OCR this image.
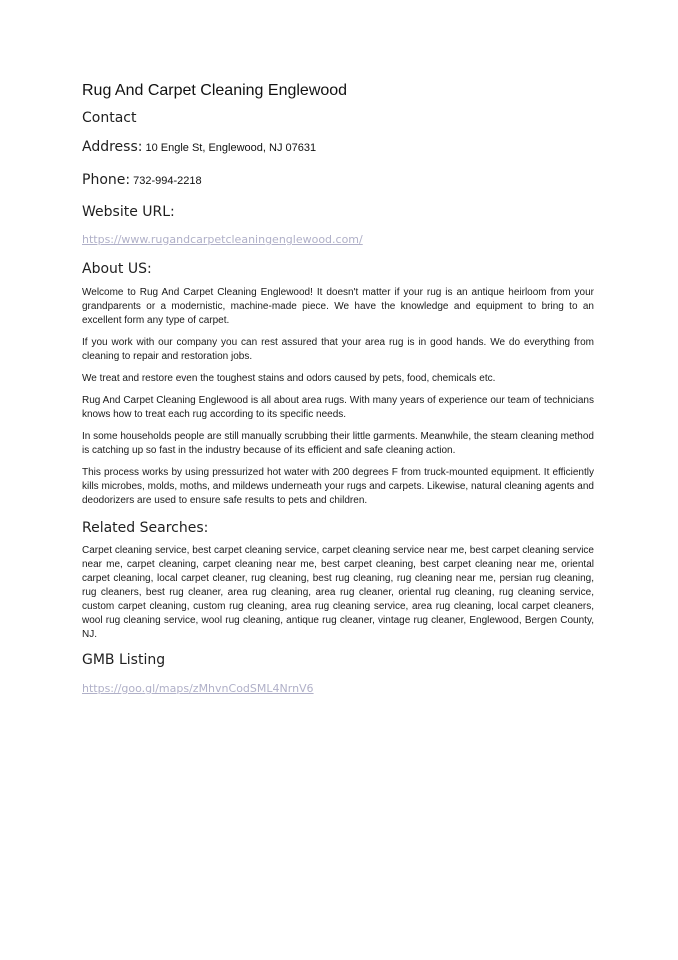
Rug And Carpet Cleaning Englewood
Contact
Address: 10 Engle St, Englewood, NJ 07631
Phone: 732-994-2218
Website URL:
https://www.rugandcarpetcleaningenglewood.com/
About US:

Welcome to Rug And Carpet Cleaning Englewood! It doesn't matter if your rug is an antique heirloom from your grandparents or a modernistic, machine-made piece. We have the knowledge and equipment to bring to an excellent form any type of carpet.

If you work with our company you can rest assured that your area rug is in good hands. We do everything from cleaning to repair and restoration jobs.

We treat and restore even the toughest stains and odors caused by pets, food, chemicals etc.

Rug And Carpet Cleaning Englewood is all about area rugs. With many years of experience our team of technicians knows how to treat each rug according to its specific needs.

In some households people are still manually scrubbing their little garments. Meanwhile, the steam cleaning method is catching up so fast in the industry because of its efficient and safe cleaning action.

This process works by using pressurized hot water with 200 degrees F from truck-mounted equipment. It efficiently kills microbes, molds, moths, and mildews underneath your rugs and carpets. Likewise, natural cleaning agents and deodorizers are used to ensure safe results to pets and children.

Related Searches:

Carpet cleaning service, best carpet cleaning service, carpet cleaning service near me, best carpet cleaning service near me, carpet cleaning, carpet cleaning near me, best carpet cleaning, best carpet cleaning near me, oriental carpet cleaning, local carpet cleaner, rug cleaning, best rug cleaning, rug cleaning near me, persian rug cleaning, rug cleaners, best rug cleaner, area rug cleaning, area rug cleaner, oriental rug cleaning, rug cleaning service, custom carpet cleaning, custom rug cleaning, area rug cleaning service, area rug cleaning, local carpet cleaners, wool rug cleaning service, wool rug cleaning, antique rug cleaner, vintage rug cleaner, Englewood, Bergen County, NJ.

GMB Listing
https://goo.gl/maps/zMhvnCodSML4NrnV6
